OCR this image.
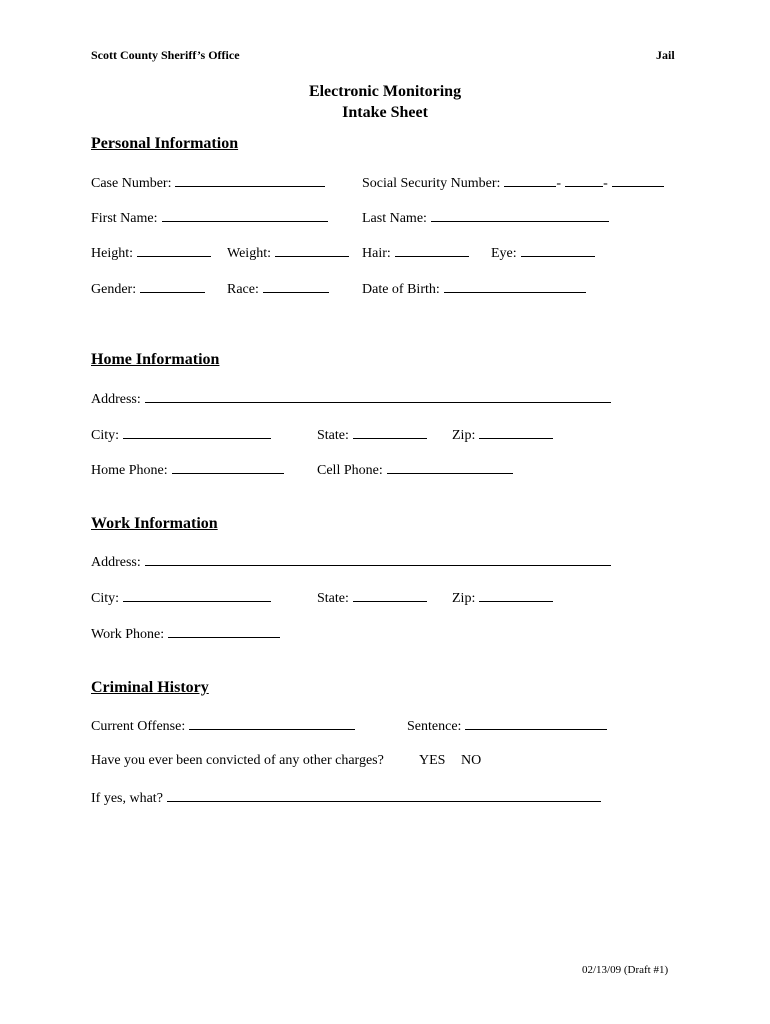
Scott County Sheriff’s Office	Jail
Electronic Monitoring
Intake Sheet
Personal Information
Case Number:	Social Security Number:	-	-
First Name:	Last Name:
Height:	Weight:	Hair:	Eye:
Gender:	Race:	Date of Birth:
Home Information
Address:
City:	State:	Zip:
Home Phone:	Cell Phone:
Work Information
Address:
City:	State:	Zip:
Work Phone:
Criminal History
Current Offense:	Sentence:
Have you ever been convicted of any other charges?	YES NO
If yes, what?
02/13/09 (Draft #1)
